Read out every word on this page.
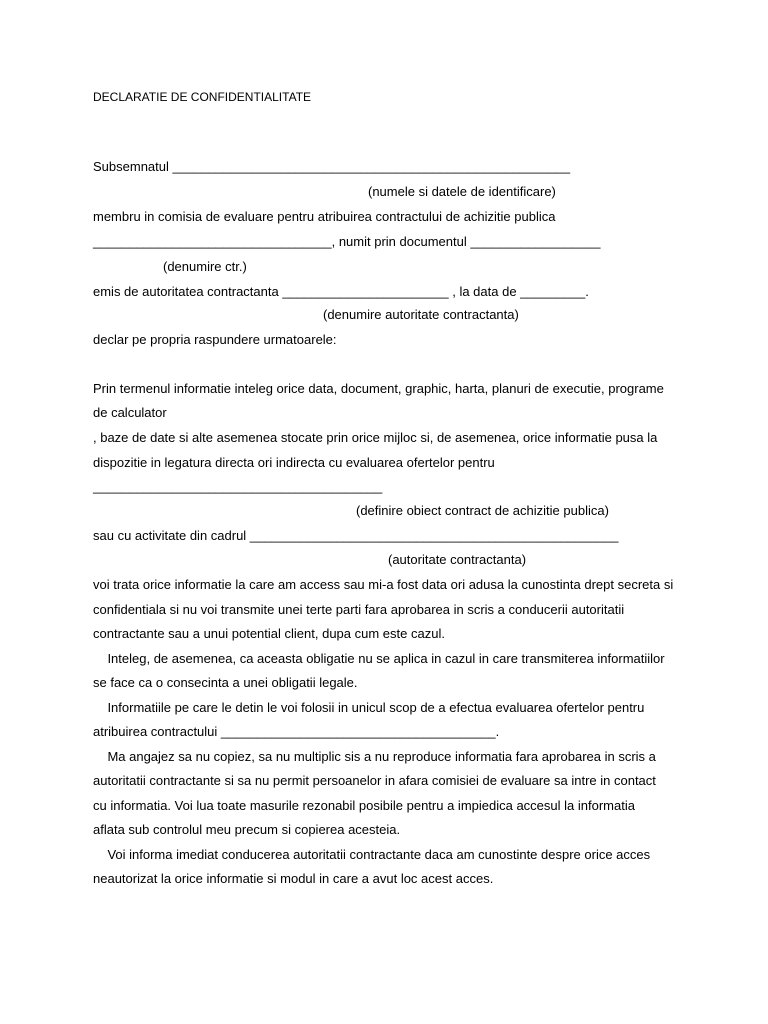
DECLARATIE DE CONFIDENTIALITATE
Subsemnatul _______________________________________________________
(numele si datele de identificare)
membru in comisia de evaluare pentru atribuirea contractului de achizitie publica
_________________________________, numit prin documentul __________________
(denumire ctr.)
emis de autoritatea contractanta _______________________ , la data de _________.
(denumire autoritate contractanta)
declar pe propria raspundere urmatoarele:
Prin termenul informatie inteleg orice data, document, graphic, harta, planuri de executie, programe
de calculator
, baze de date si alte asemenea stocate prin orice mijloc si, de asemenea, orice informatie pusa la
dispozitie in legatura directa ori indirecta cu evaluarea ofertelor pentru
________________________________________
(definire obiect contract de achizitie publica)
sau cu activitate din cadrul ___________________________________________________
(autoritate contractanta)
voi trata orice informatie la care am access sau mi-a fost data ori adusa la cunostinta drept secreta si
confidentiala si nu voi transmite unei terte parti fara aprobarea in scris a conducerii autoritatii
contractante sau a unui potential client, dupa cum este cazul.
Inteleg, de asemenea, ca aceasta obligatie nu se aplica in cazul in care transmiterea informatiilor
se face ca o consecinta a unei obligatii legale.
Informatiile pe care le detin le voi folosii in unicul scop de a efectua evaluarea ofertelor pentru
atribuirea contractului ______________________________________.
Ma angajez sa nu copiez, sa nu multiplic sis a nu reproduce informatia fara aprobarea in scris a
autoritatii contractante si sa nu permit persoanelor in afara comisiei de evaluare sa intre in contact
cu informatia. Voi lua toate masurile rezonabil posibile pentru a impiedica accesul la informatia
aflata sub controlul meu precum si copierea acesteia.
Voi informa imediat conducerea autoritatii contractante daca am cunostinte despre orice acces
neautorizat la orice informatie si modul in care a avut loc acest acces.
